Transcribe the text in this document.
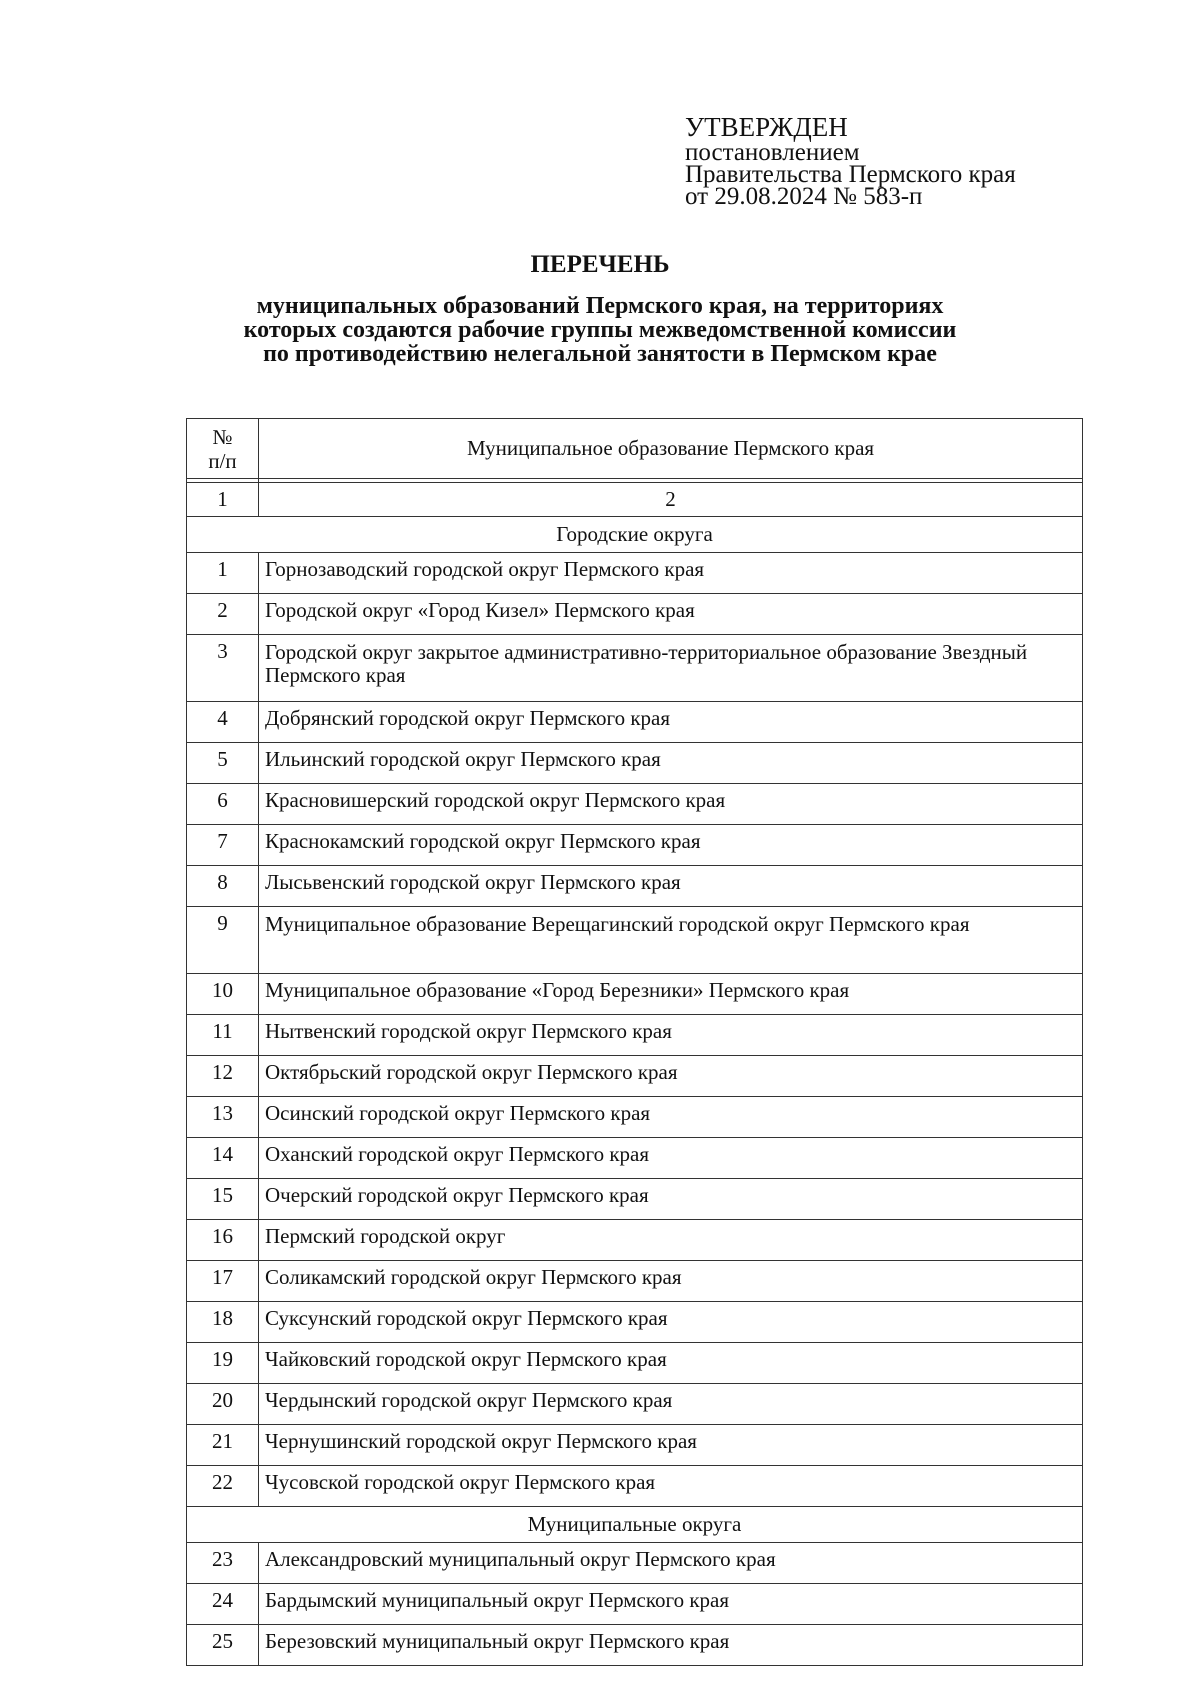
УТВЕРЖДЕН
постановлением
Правительства Пермского края
от 29.08.2024 № 583-п
ПЕРЕЧЕНЬ
муниципальных образований Пермского края, на территориях
которых создаются рабочие группы межведомственной комиссии
по противодействию нелегальной занятости в Пермском крае
№
п/п	Муниципальное образование Пермского края

1	2
Городские округа	
1	Горнозаводский городской округ Пермского края
2	Городской округ «Город Кизел» Пермского края
3	Городской округ закрытое административно-территориальное образование Звездный Пермского края
4	Добрянский городской округ Пермского края
5	Ильинский городской округ Пермского края
6	Красновишерский городской округ Пермского края
7	Краснокамский городской округ Пермского края
8	Лысьвенский городской округ Пермского края
9	Муниципальное образование Верещагинский городской округ Пермского края
10	Муниципальное образование «Город Березники» Пермского края
11	Нытвенский городской округ Пермского края
12	Октябрьский городской округ Пермского края
13	Осинский городской округ Пермского края
14	Оханский городской округ Пермского края
15	Очерский городской округ Пермского края
16	Пермский городской округ
17	Соликамский городской округ Пермского края
18	Суксунский городской округ Пермского края
19	Чайковский городской округ Пермского края
20	Чердынский городской округ Пермского края
21	Чернушинский городской округ Пермского края
22	Чусовской городской округ Пермского края
Муниципальные округа	
23	Александровский муниципальный округ Пермского края
24	Бардымский муниципальный округ Пермского края
25	Березовский муниципальный округ Пермского края
